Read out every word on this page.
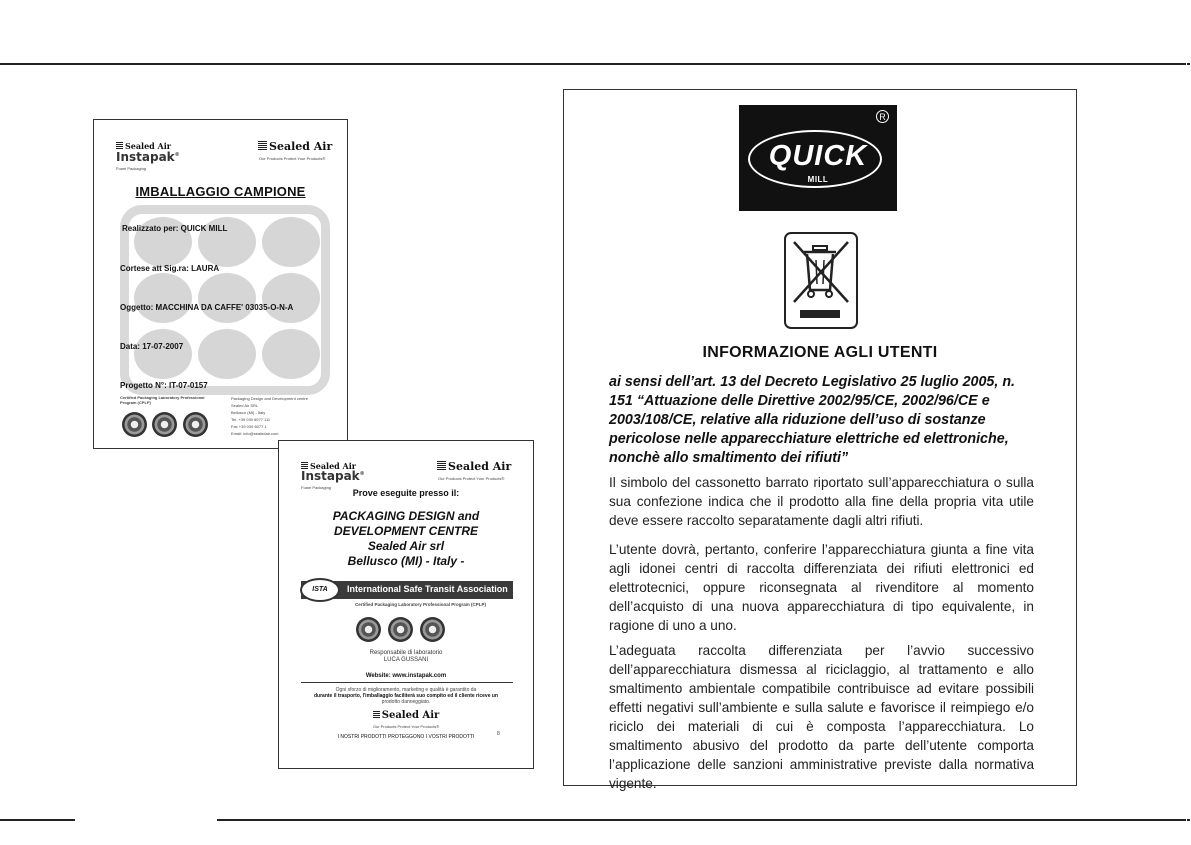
Sealed Air
Instapak®
Foam Packaging
Sealed Air
Our Products Protect Your Products®
IMBALLAGGIO CAMPIONE
Realizzato per: QUICK MILL
Cortese att Sig.ra: LAURA
Oggetto: MACCHINA DA CAFFE' 03035-O-N-A
Data: 17-07-2007
Progetto N°: IT-07-0157
Certified Packaging Laboratory Professional Program (CPLP)
Packaging Design and Development centre
Sealed Air SRL
Bellusco (MI) - Italy
Tel. +39 039 6077 111
Fax +39 039 6077 1
Email: info@sealedair.com
Sealed Air
Instapak®
Foam Packaging
Sealed Air
Our Products Protect Your Products®
Prove eseguite presso il:
PACKAGING DESIGN and
DEVELOPMENT CENTRE
Sealed Air srl
Bellusco (MI) - Italy -
International Safe Transit Association
ISTA
Certified Packaging Laboratory Professional Program (CPLP)
Responsabile di laboratorio
LUCA GUSSANI
Website: www.instapak.com
Ogni sforzo di miglioramento, marketing e qualità è garantito da
durante il trasporto, l'imballaggio faciliterà suo compito ed il cliente riceve un
prodotto danneggiato.
Sealed Air
Our Products Protect Your Products®
I NOSTRI PRODOTTI PROTEGGONO I VOSTRI PRODOTTI	8
QUICK
MILL
R
INFORMAZIONE AGLI UTENTI
ai sensi dell’art. 13 del Decreto Legislativo 25 luglio 2005, n. 151 “Attuazione delle Direttive 2002/95/CE, 2002/96/CE e 2003/108/CE, relative alla riduzione dell’uso di sostanze pericolose nelle apparecchiature elettriche ed elettroniche, nonchè allo smaltimento dei rifiuti”
Il simbolo del cassonetto barrato riportato sull’apparecchiatura o sulla sua confezione indica che il prodotto alla fine della propria vita utile deve essere raccolto separatamente dagli altri rifiuti.
L’utente dovrà, pertanto, conferire l’apparecchiatura giunta a fine vita agli idonei centri di raccolta differenziata dei rifiuti elettronici ed elettrotecnici, oppure riconsegnata al rivenditore al momento dell’acquisto di una nuova apparecchiatura di tipo equivalente, in ragione di uno a uno.
L’adeguata raccolta differenziata per l’avvio successivo dell’apparecchiatura dismessa al riciclaggio, al trattamento e allo smaltimento ambientale compatibile contribuisce ad evitare possibili effetti negativi sull’ambiente e sulla salute e favorisce il reimpiego e/o riciclo dei materiali di cui è composta l’apparecchiatura. Lo smaltimento abusivo del prodotto da parte dell’utente comporta l’applicazione delle sanzioni amministrative previste dalla normativa vigente.
